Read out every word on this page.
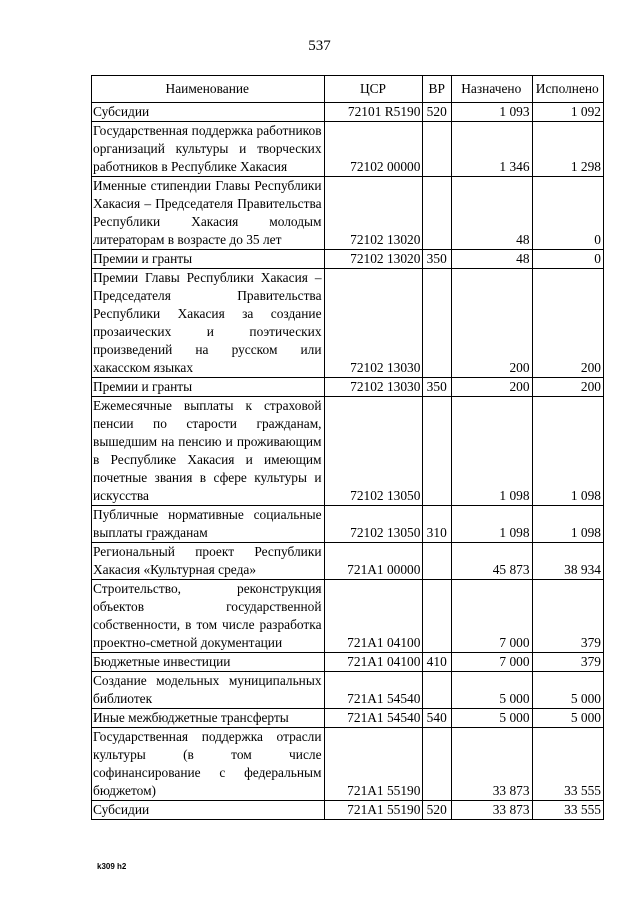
537
Наименование	ЦСР	ВР	Назначено	Исполнено
Субсидии	72101 R5190	520	1 093	1 092
Государственная поддержка работников организаций культуры и творческих работников в Республике Хакасия	72102 00000		1 346	1 298
Именные стипендии Главы Республики Хакасия – Председателя Правительства Республики Хакасия молодым литераторам в возрасте до 35 лет	72102 13020		48	0
Премии и гранты	72102 13020	350	48	0
Премии Главы Республики Хакасия – Председателя Правительства Республики Хакасия за создание прозаических и поэтических произведений на русском или хакасском языках	72102 13030		200	200
Премии и гранты	72102 13030	350	200	200
Ежемесячные выплаты к страховой пенсии по старости гражданам, вышедшим на пенсию и проживающим в Республике Хакасия и имеющим почетные звания в сфере культуры и искусства	72102 13050		1 098	1 098
Публичные нормативные социальные выплаты гражданам	72102 13050	310	1 098	1 098
Региональный проект Республики Хакасия «Культурная среда»	721A1 00000		45 873	38 934
Строительство, реконструкция объектов государственной собственности, в том числе разработка проектно-сметной документации	721A1 04100		7 000	379
Бюджетные инвестиции	721A1 04100	410	7 000	379
Создание модельных муниципальных библиотек	721A1 54540		5 000	5 000
Иные межбюджетные трансферты	721A1 54540	540	5 000	5 000
Государственная поддержка отрасли культуры (в том числе софинансирование с федеральным бюджетом)	721A1 55190		33 873	33 555
Субсидии	721A1 55190	520	33 873	33 555
k309 h2
